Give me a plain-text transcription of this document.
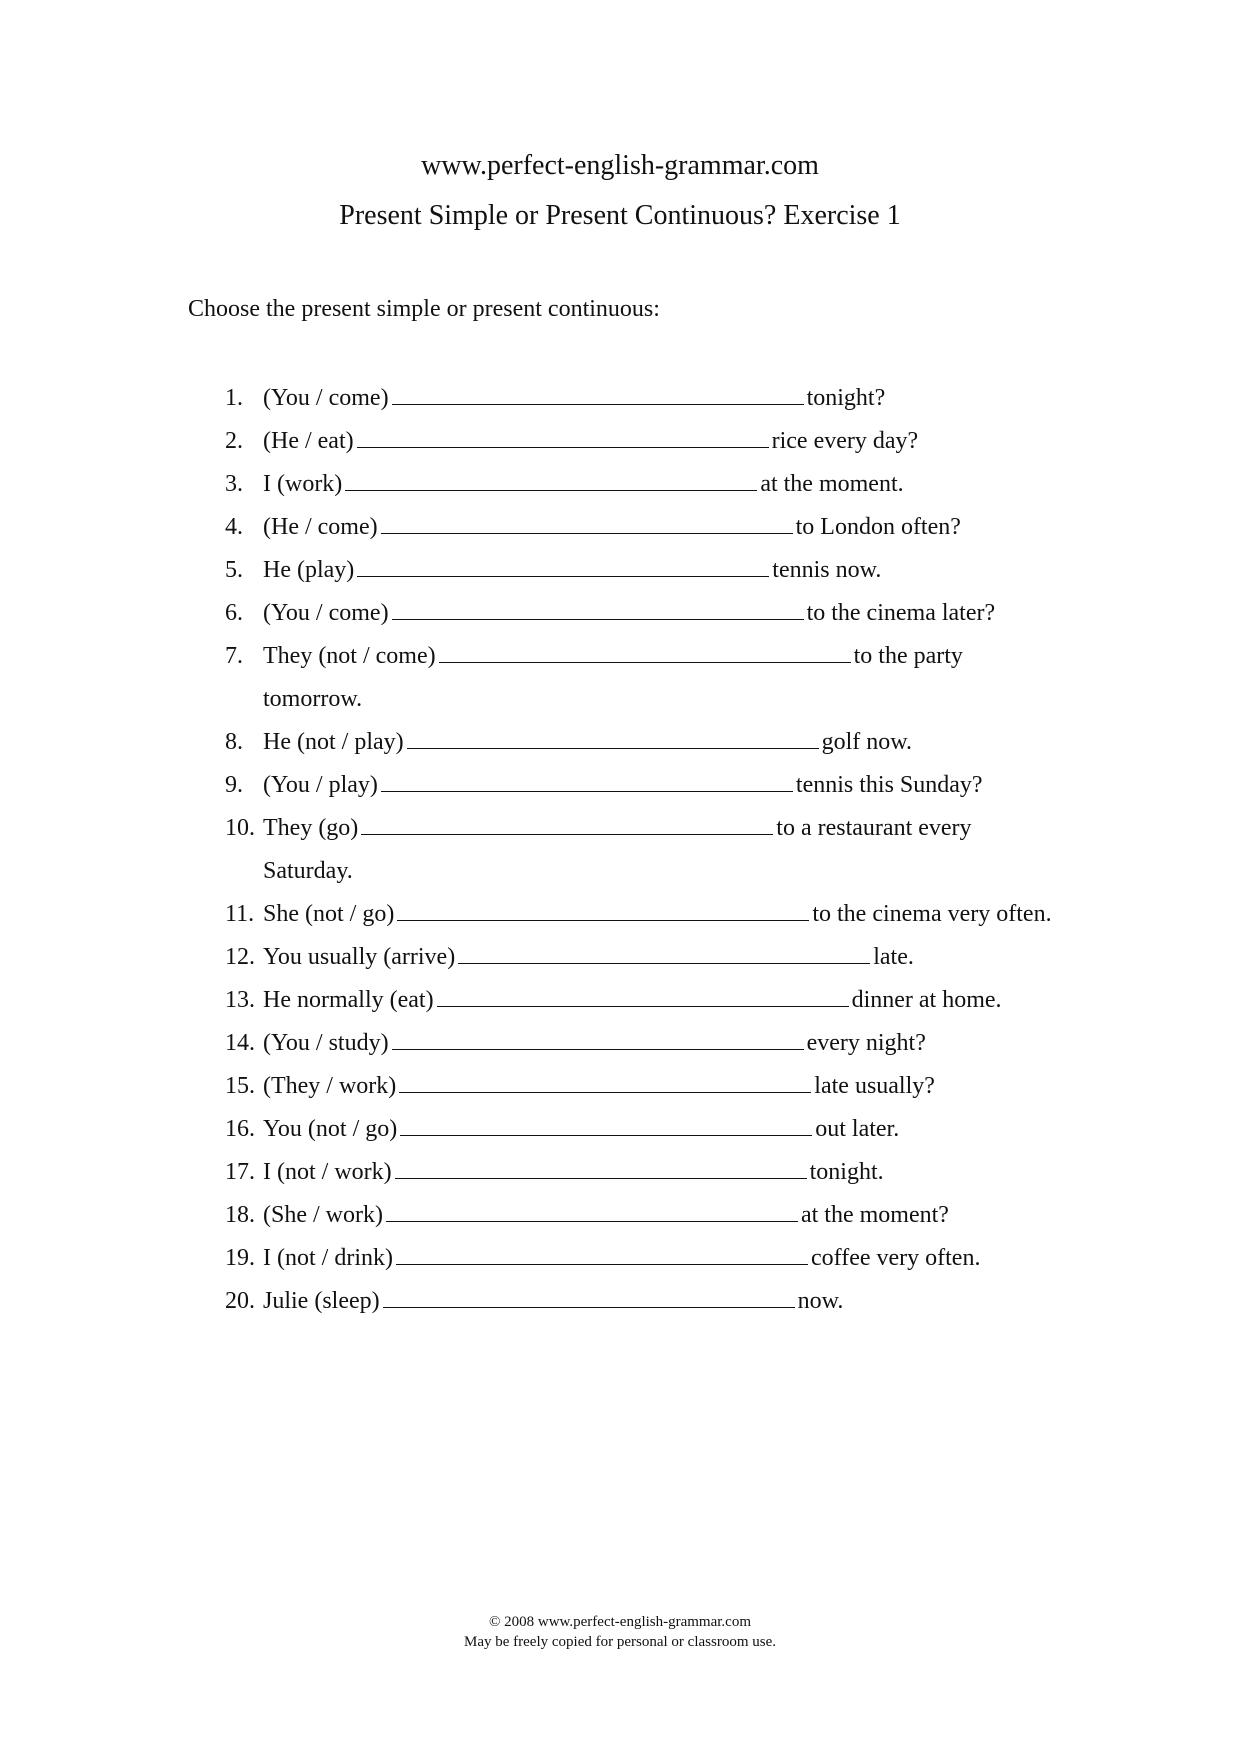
www.perfect-english-grammar.com
Present Simple or Present Continuous? Exercise 1
Choose the present simple or present continuous:
1. (You / come)	tonight?
2. (He / eat)	rice every day?
3. I (work)	at the moment.
4. (He / come)	to London often?
5. He (play)	tennis now.
6. (You / come)	to the cinema later?
7. They (not / come)	to the party tomorrow.
8. He (not / play)	golf now.
9. (You / play)	tennis this Sunday?
10. They (go)	to a restaurant every Saturday.
11. She (not / go)	to the cinema very often.
12. You usually (arrive)	late.
13. He normally (eat)	dinner at home.
14. (You / study)	every night?
15. (They / work)	late usually?
16. You (not / go)	out later.
17. I (not / work)	tonight.
18. (She / work)	at the moment?
19. I (not / drink)	coffee very often.
20. Julie (sleep)	now.
© 2008 www.perfect-english-grammar.com
May be freely copied for personal or classroom use.
